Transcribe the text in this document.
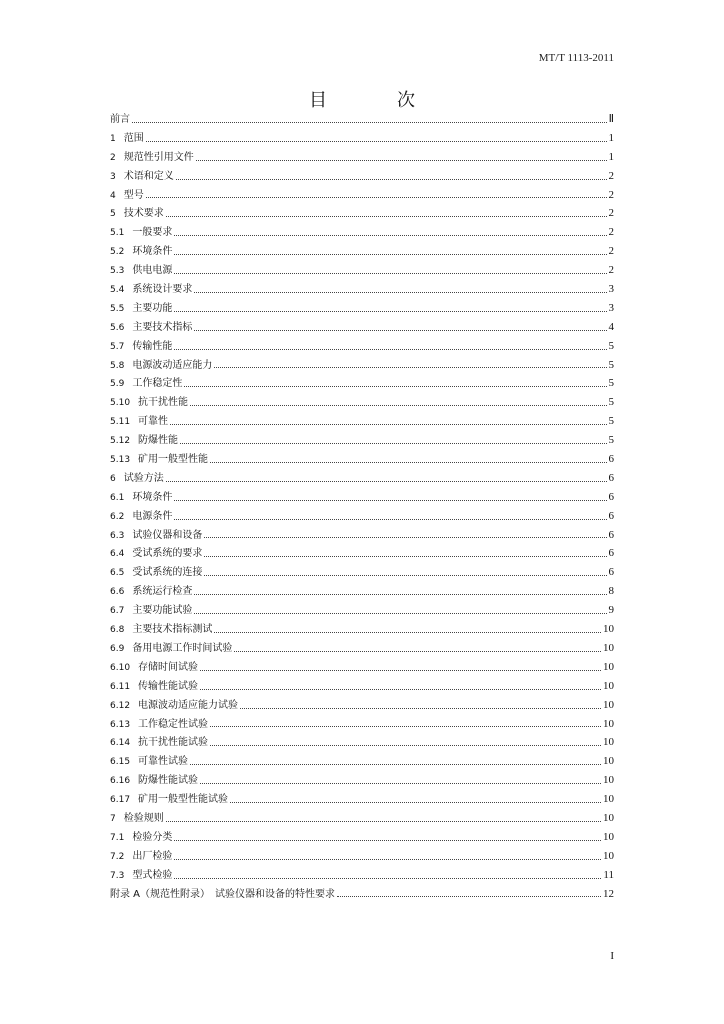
MT/T 1113-2011
目　次
前言	Ⅱ
1 范围	1
2 规范性引用文件	1
3 术语和定义	2
4 型号	2
5 技术要求	2
5.1 一般要求	2
5.2 环境条件	2
5.3 供电电源	2
5.4 系统设计要求	3
5.5 主要功能	3
5.6 主要技术指标	4
5.7 传输性能	5
5.8 电源波动适应能力	5
5.9 工作稳定性	5
5.10 抗干扰性能	5
5.11 可靠性	5
5.12 防爆性能	5
5.13 矿用一般型性能	6
6 试验方法	6
6.1 环境条件	6
6.2 电源条件	6
6.3 试验仪器和设备	6
6.4 受试系统的要求	6
6.5 受试系统的连接	6
6.6 系统运行检查	8
6.7 主要功能试验	9
6.8 主要技术指标测试	10
6.9 备用电源工作时间试验	10
6.10 存储时间试验	10
6.11 传输性能试验	10
6.12 电源波动适应能力试验	10
6.13 工作稳定性试验	10
6.14 抗干扰性能试验	10
6.15 可靠性试验	10
6.16 防爆性能试验	10
6.17 矿用一般型性能试验	10
7 检验规则	10
7.1 检验分类	10
7.2 出厂检验	10
7.3 型式检验	11
附录 A（规范性附录）　试验仪器和设备的特性要求	12
I
